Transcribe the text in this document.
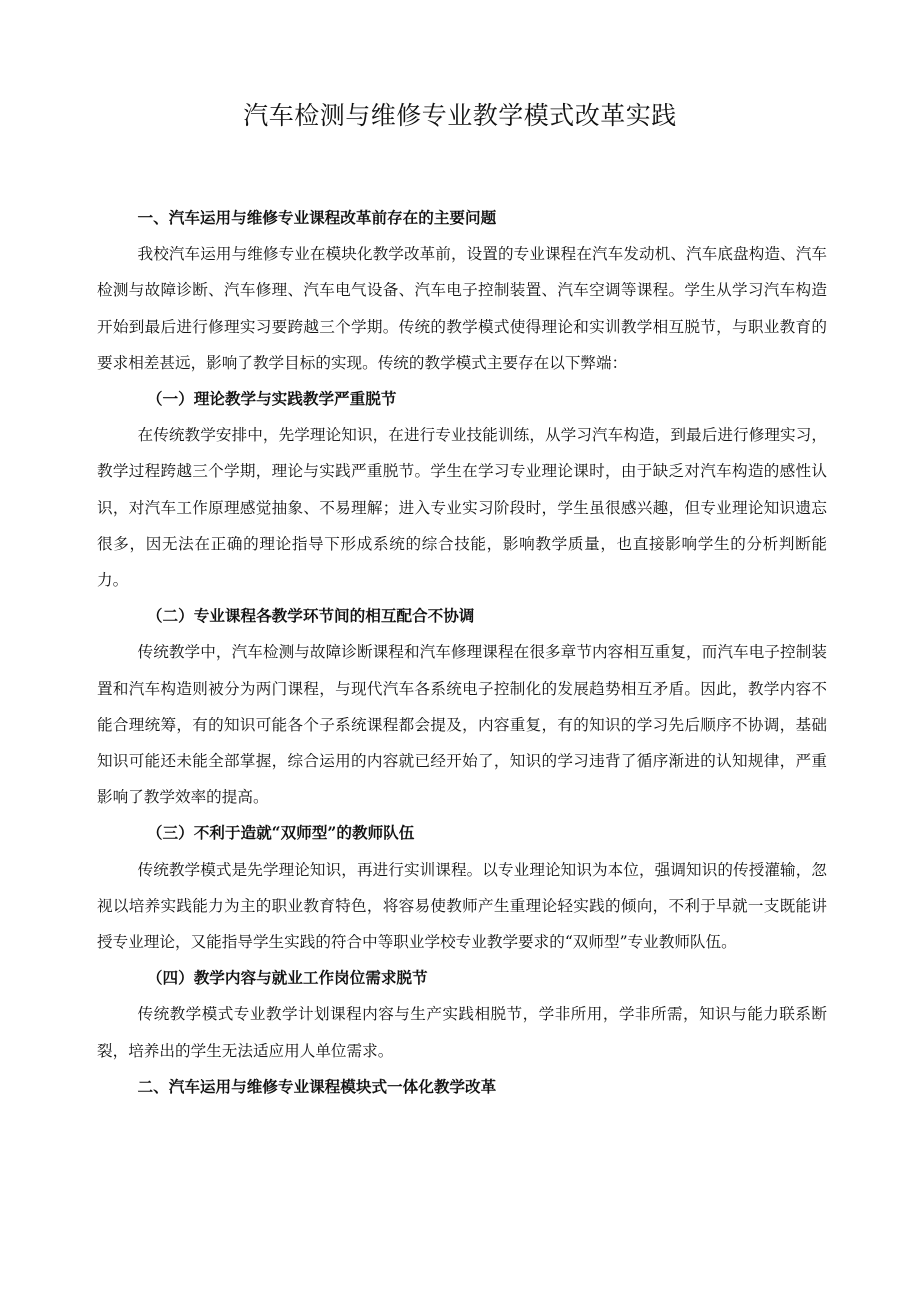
汽车检测与维修专业教学模式改革实践
一、汽车运用与维修专业课程改革前存在的主要问题

我校汽车运用与维修专业在模块化教学改革前，设置的专业课程在汽车发动机、汽车底盘构造、汽车检测与故障诊断、汽车修理、汽车电气设备、汽车电子控制装置、汽车空调等课程。学生从学习汽车构造开始到最后进行修理实习要跨越三个学期。传统的教学模式使得理论和实训教学相互脱节，与职业教育的要求相差甚远，影响了教学目标的实现。传统的教学模式主要存在以下弊端：

（一）理论教学与实践教学严重脱节

在传统教学安排中，先学理论知识，在进行专业技能训练，从学习汽车构造，到最后进行修理实习，教学过程跨越三个学期，理论与实践严重脱节。学生在学习专业理论课时，由于缺乏对汽车构造的感性认识，对汽车工作原理感觉抽象、不易理解；进入专业实习阶段时，学生虽很感兴趣，但专业理论知识遗忘很多，因无法在正确的理论指导下形成系统的综合技能，影响教学质量，也直接影响学生的分析判断能力。

（二）专业课程各教学环节间的相互配合不协调

传统教学中，汽车检测与故障诊断课程和汽车修理课程在很多章节内容相互重复，而汽车电子控制装置和汽车构造则被分为两门课程，与现代汽车各系统电子控制化的发展趋势相互矛盾。因此，教学内容不能合理统筹，有的知识可能各个子系统课程都会提及，内容重复，有的知识的学习先后顺序不协调，基础知识可能还未能全部掌握，综合运用的内容就已经开始了，知识的学习违背了循序渐进的认知规律，严重影响了教学效率的提高。

（三）不利于造就“双师型”的教师队伍

传统教学模式是先学理论知识，再进行实训课程。以专业理论知识为本位，强调知识的传授灌输，忽视以培养实践能力为主的职业教育特色，将容易使教师产生重理论轻实践的倾向，不利于早就一支既能讲授专业理论，又能指导学生实践的符合中等职业学校专业教学要求的“双师型”专业教师队伍。

（四）教学内容与就业工作岗位需求脱节

传统教学模式专业教学计划课程内容与生产实践相脱节，学非所用，学非所需，知识与能力联系断裂，培养出的学生无法适应用人单位需求。

二、汽车运用与维修专业课程模块式一体化教学改革
